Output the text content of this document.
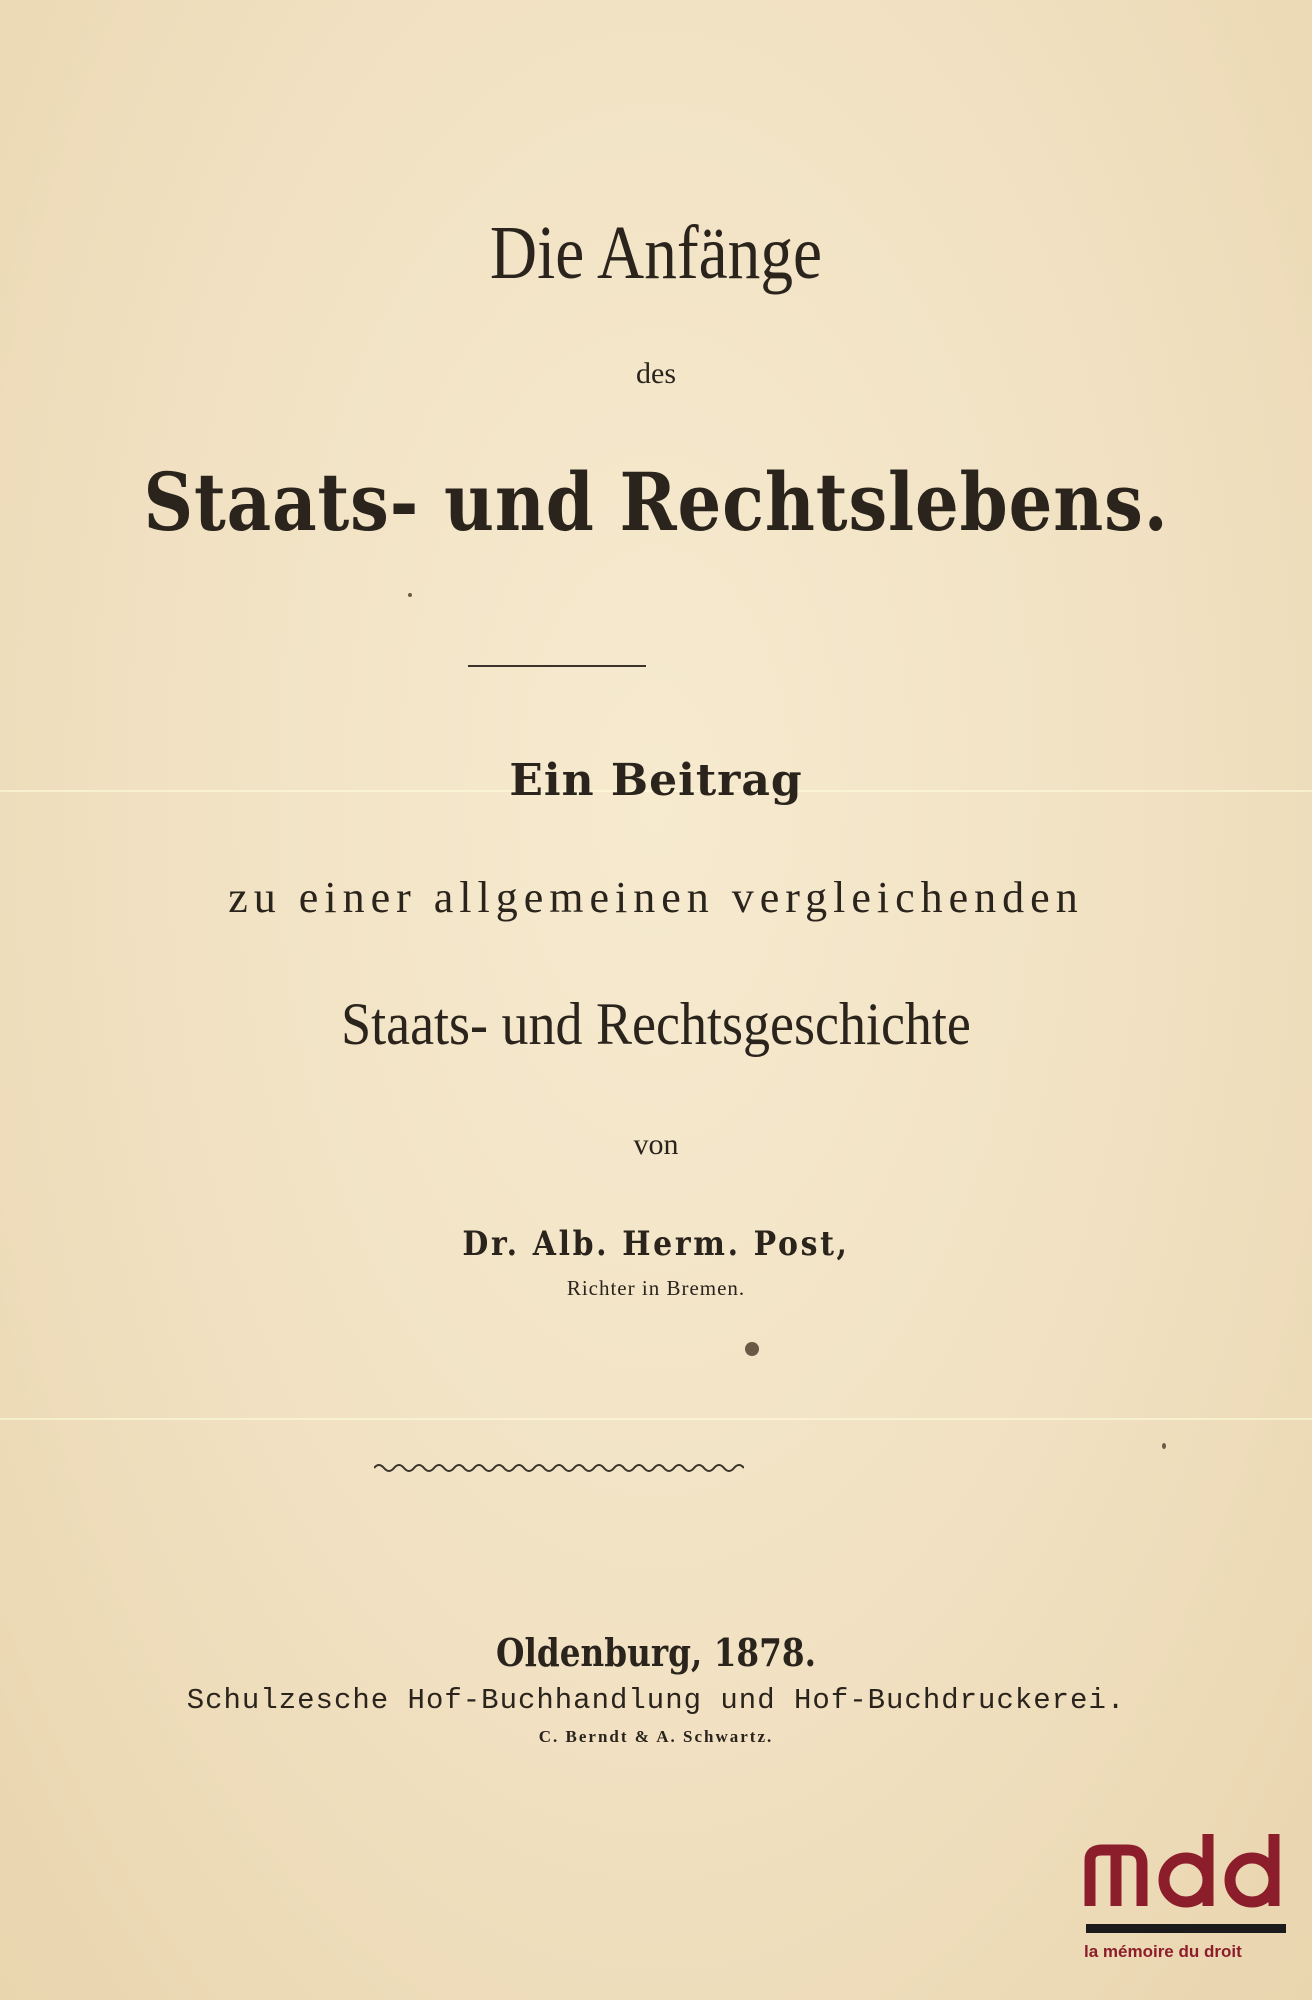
Die Anfänge
des
Staats- und Rechtslebens.
Ein Beitrag
zu einer allgemeinen vergleichenden
Staats- und Rechtsgeschichte
von
Dr. Alb. Herm. Post,
Richter in Bremen.
Oldenburg, 1878.
Schulzesche Hof-Buchhandlung und Hof-Buchdruckerei.
C. Berndt & A. Schwartz.
la mémoire du droit
